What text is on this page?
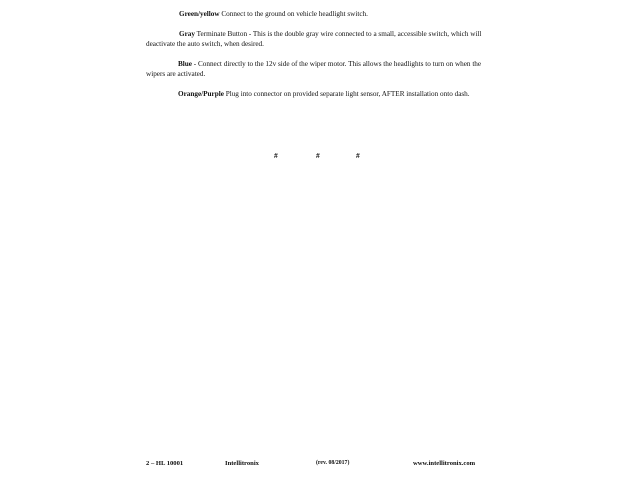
Green/yellow Connect to the ground on vehicle headlight switch.

Gray Terminate Button - This is the double gray wire connected to a small, accessible switch, which will deactivate the auto switch, when desired.

Blue - Connect directly to the 12v side of the wiper motor. This allows the headlights to turn on when the wipers are activated.

Orange/Purple Plug into connector on provided separate light sensor, AFTER installation onto dash.

#	#	#
2 – HL 10001	Intellitronix	(rev. 08/2017)	www.intellitronix.com
